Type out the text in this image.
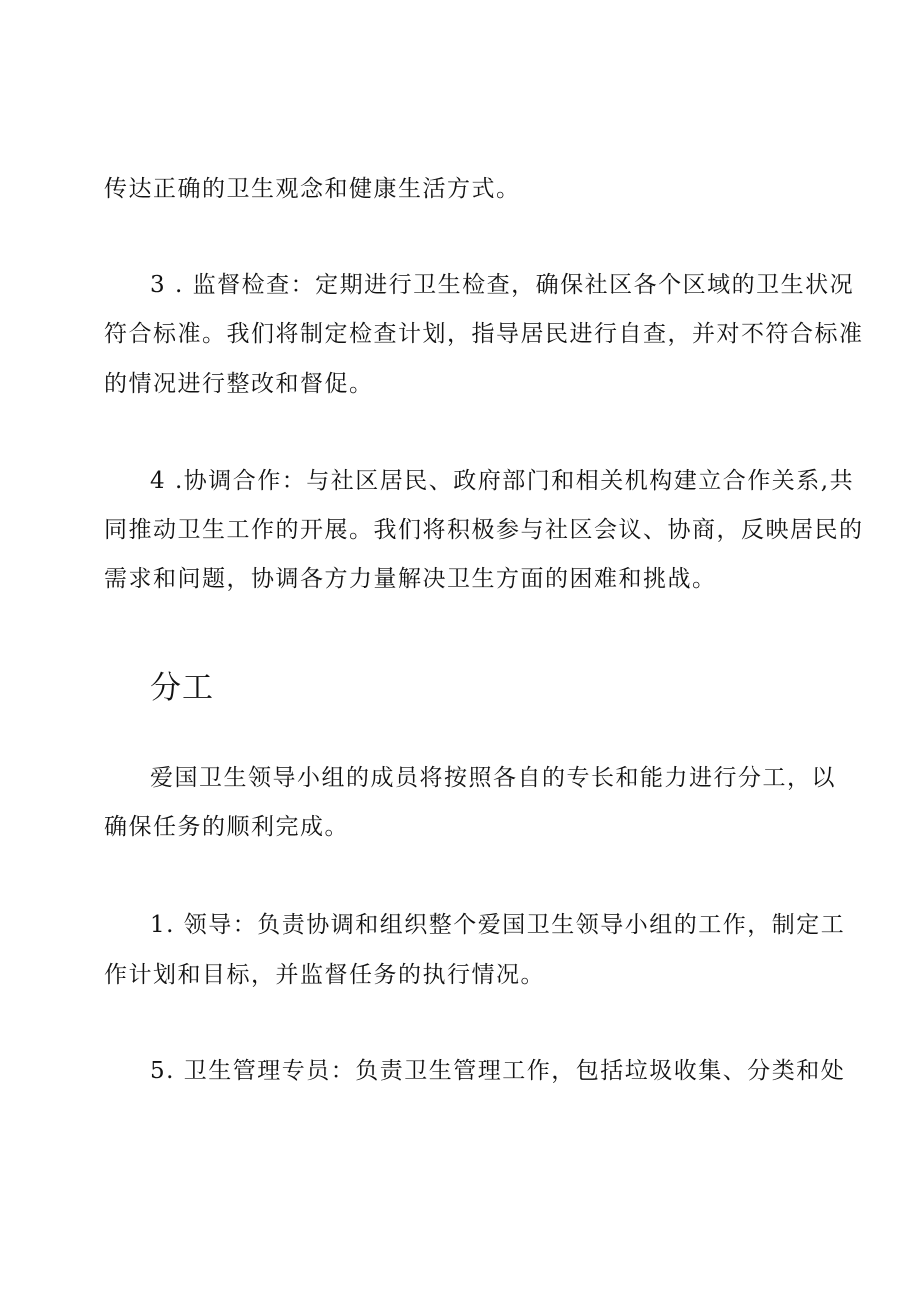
传达正确的卫生观念和健康生活方式。
3 . 监督检查：定期进行卫生检查，确保社区各个区域的卫生状况
符合标准。我们将制定检查计划，指导居民进行自查，并对不符合标准
的情况进行整改和督促。
4 .协调合作：与社区居民、政府部门和相关机构建立合作关系,共
同推动卫生工作的开展。我们将积极参与社区会议、协商，反映居民的
需求和问题，协调各方力量解决卫生方面的困难和挑战。
分工
爱国卫生领导小组的成员将按照各自的专长和能力进行分工，以
确保任务的顺利完成。
1. 领导：负责协调和组织整个爱国卫生领导小组的工作，制定工
作计划和目标，并监督任务的执行情况。
5. 卫生管理专员：负责卫生管理工作，包括垃圾收集、分类和处
